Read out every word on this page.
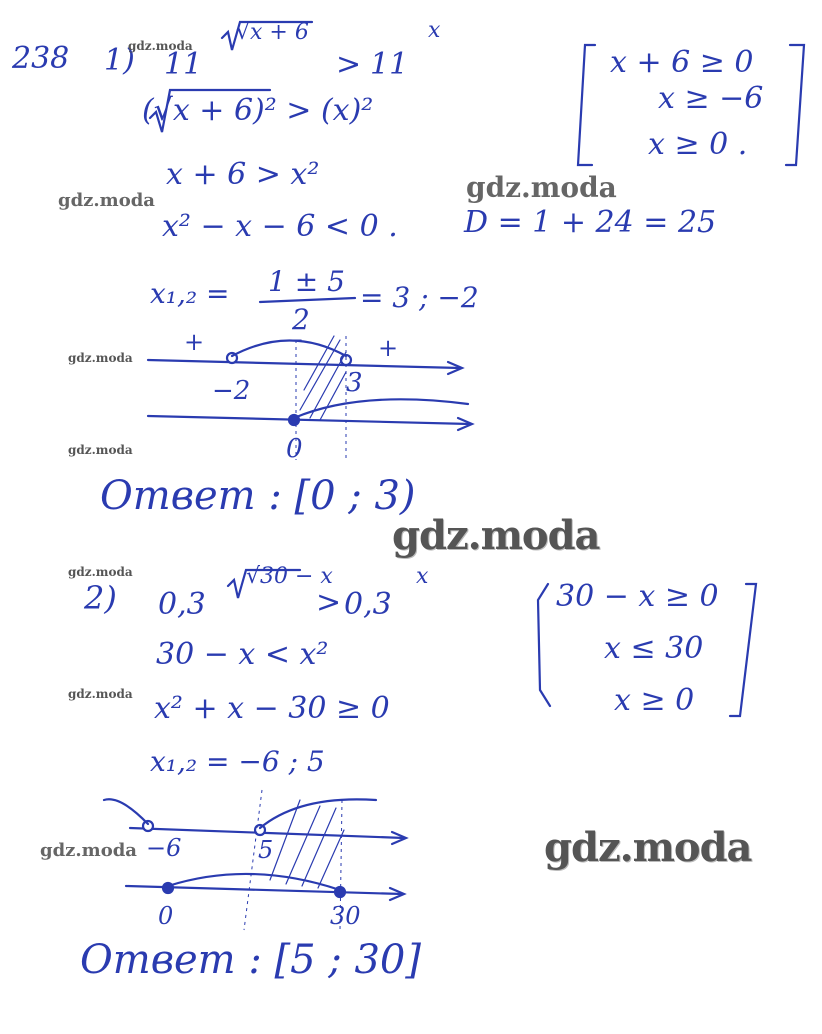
238 1) 11
√x + 6
> 11
x
(√x + 6)² > (x)²
x + 6 > x²
x² − x − 6 < 0 .
x + 6 ≥ 0
x ≥ −6
x ≥ 0 .
D = 1 + 24 = 25
x₁,₂ = 1 ± 5
2
= 3 ; −2
+	−	+
−2	3
0
Ответ : [0 ; 3)
2) 0,3
√30 − x
> 0,3
x
30 − x < x²
x² + x − 30 ≥ 0
x₁,₂ = −6 ; 5
30 − x ≥ 0
x ≤ 30
x ≥ 0
−6	5
0	30
Ответ : [5 ; 30]
gdz.moda
gdz.moda	gdz.moda
gdz.moda
gdz.moda
gdz.moda
gdz.moda
gdz.moda
gdz.moda	gdz.moda
